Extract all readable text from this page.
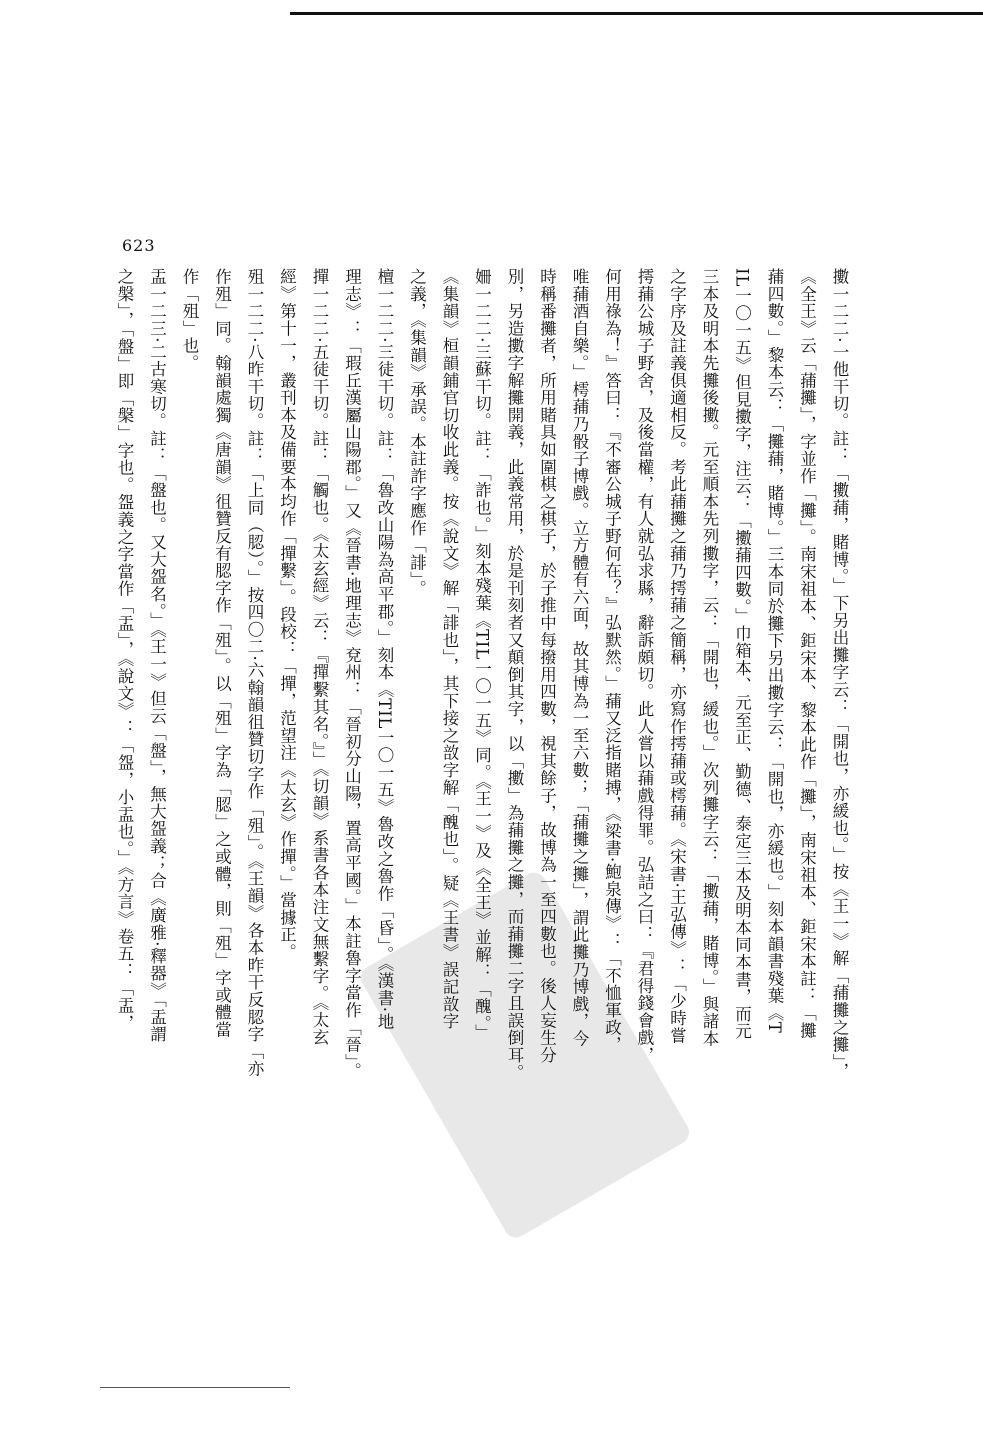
623
擻一二二·一他干切。註：「擻蒱，賭博。」下另出攤字云：「開也，亦緩也。」按《王一》解「蒱攤之攤」，
《全王》云「蒱攤」，字並作「攤」。南宋祖本、鉅宋本、黎本此作「攤」，南宋祖本、鉅宋本註：「攤
蒱四數。」黎本云：「攤蒱，賭博。」三本同於攤下另出擻字云：「開也，亦緩也。」刻本韻書殘葉《T
IL一〇一五》但見擻字，注云：「擻蒱四數。」巾箱本、元至正、勤德、泰定三本及明本同本書，而元
三本及明本先攤後擻。元至順本先列擻字，云：「開也，緩也。」次列攤字云：「擻蒱，賭博。」與諸本
之字序及註義俱適相反。考此蒱攤之蒱乃摴蒱之簡稱，亦寫作摴蒱或樗蒱。《宋書·王弘傳》：「少時嘗
摴蒱公城子野舍，及後當權，有人就弘求縣，辭訴頗切。此人嘗以蒱戲得罪。弘詰之曰：『君得錢會戲，
何用祿為！』答曰：『不審公城子野何在？』弘默然。」蒱又泛指賭搏，《梁書·鮑泉傳》：「不恤軍政，
唯蒱酒自樂。」樗蒱乃骰子博戲。立方體有六面，故其博為一至六數；「蒱攤之攤」，謂此攤乃博戲，今
時稱番攤者，所用賭具如圍棋之棋子，於子推中每撥用四數，視其餘子，故博為一至四數也。後人妄生分
別，另造擻字解攤開義，此義常用，於是刊刻者又顛倒其字，以「擻」為蒱攤之攤，而蒱攤二字且誤倒耳。
姍一二二·三蘇干切。註：「詐也。」刻本殘葉《TIL一〇一五》同。《王一》及《全王》並解：「醜。」
《集韻》桓韻鋪官切收此義。按《說文》解「誹也」，其下接之敨字解「醜也」。疑《王書》誤記敨字
之義，《集韻》承誤。本註詐字應作「誹」。
檀一二二·三徒干切。註：「魯改山陽為高平郡。」刻本《TIL一〇一五》魯改之魯作「昏」。《漢書·地
理志》：「瑕丘漢屬山陽郡。」又《晉書·地理志》兗州：「晉初分山陽，置高平國。」本註魯字當作「晉」。
撣一二二·五徒干切。註：「觸也。《太玄經》云：『撣繫其名。』」《切韻》系書各本注文無繫字。《太玄
經》第十一，叢刊本及備要本均作「撣繫」。段校：「撣，范望注《太玄》作撣。」當據正。
殂一二二·八昨干切。註：「上同（䏰）。」按四〇二·六翰韻徂贊切字作「殂」。《王韻》各本昨干反䏰字「亦
作殂」同。翰韻處獨《唐韻》徂贊反有䏰字作「殂」。以「殂」字為「䏰」之或體，則「殂」字或體當
作「殂」也。
盂一二三·二古寒切。註：「盤也。又大盌名。」《王一》但云「盤」，無大盌義；合《廣雅·釋器》「盂謂
之槃」，「盤」即「槃」字也。盌義之字當作「盂」，《說文》：「盌，小盂也。」《方言》卷五：「盂，
